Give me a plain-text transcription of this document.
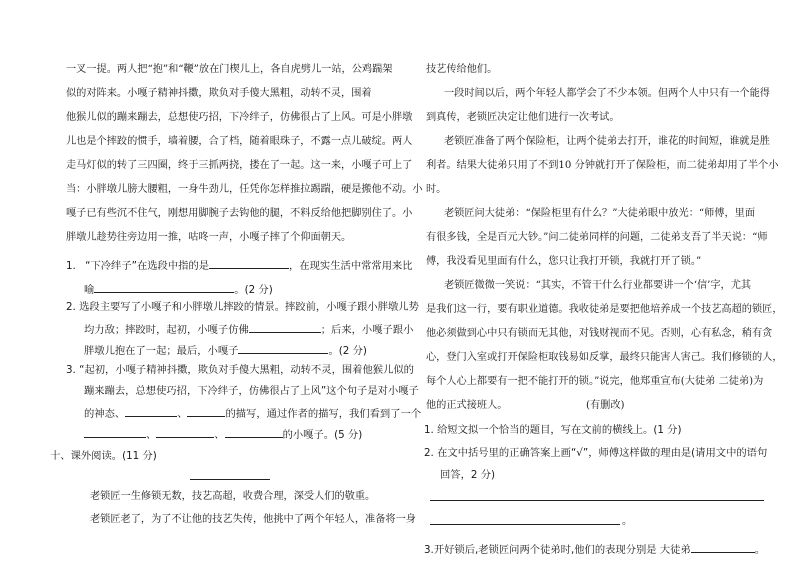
一叉一提。两人把“抱”和“鞭”放在门楔儿上，各自虎劈儿一站，公鸡踹架
似的对阵来。小嘎子精神抖擞，欺负对手傻大黑粗，动转不灵，围着
他猴儿似的蹦来蹦去，总想使巧招，下冷绊子，仿佛很占了上风。可是小胖墩
儿也是个摔跤的惯手，墙着腰，合了档，随着眼珠子，不露一点儿破绽。两人
走马灯似的转了三四圈，终于三抓两挠，搂在了一起。这一来，小嘎子可上了
当：小胖墩儿膀大腰粗，一身牛劲儿，任凭你怎样推拉踢踹，硬是搬他不动。小
嘎子已有些沉不住气，刚想用脚腕子去钩他的腿，不料反给他把脚别住了。小
胖墩儿趁势往旁边用一推，咕咚一声，小嘎子摔了个仰面朝天。
1. “下冷绊子”在选段中指的是	，在现实生活中常常用来比
喻	。(2 分)
2. 选段主要写了小嘎子和小胖墩儿摔跤的情景。摔跤前，小嘎子跟小胖墩儿势
均力敌；摔跤时，起初，小嘎子仿佛	；后来，小嘎子跟小
胖墩儿抱在了一起；最后，小嘎子	。(2 分)
3. “起初，小嘎子精神抖擞，欺负对手傻大黑粗，动转不灵，围着他猴儿似的
蹦来蹦去，总想使巧招，下冷绊子，仿佛很占了上风”这个句子是对小嘎子
的神态、	、	的描写，通过作者的描写，我们看到了一个
、	、	的小嘎子。(5 分)
十、课外阅读。(11 分)
老锁匠一生修锁无数，技艺高超，收费合理，深受人们的敬重。
老锁匠老了，为了不让他的技艺失传，他挑中了两个年轻人，准备将一身
技艺传给他们。
一段时间以后，两个年轻人都学会了不少本领。但两个人中只有一个能得
到真传，老锁匠决定让他们进行一次考试。
老锁匠准备了两个保险柜，让两个徒弟去打开，谁花的时间短，谁就是胜
利者。结果大徒弟只用了不到10 分钟就打开了保险柜，而二徒弟却用了半个小
时。
老锁匠问大徒弟：“保险柜里有什么？”大徒弟眼中放光：“师傅，里面
有很多钱，全是百元大钞。”问二徒弟同样的问题，二徒弟支吾了半天说：“师
傅，我没看见里面有什么，您只让我打开锁，我就打开了锁。”
老锁匠微微一笑说：“其实，不管干什么行业都要讲一个‘信’字，尤其
是我们这一行，要有职业道德。我收徒弟是要把他培养成一个技艺高超的锁匠，
他必须做到心中只有锁而无其他，对钱财视而不见。否则，心有私念，稍有贪
心，登门入室或打开保险柜取钱易如反掌，最终只能害人害己。我们修锁的人，
每个人心上都要有一把不能打开的锁。”说完，他郑重宣布(大徒弟 二徒弟)为
他的正式接班人。	(有删改)
1. 给短文拟一个恰当的题目，写在文前的横线上。(1 分)
2. 在文中括号里的正确答案上画“√”，师傅这样做的理由是(请用文中的语句
回答，2 分)
。
3.开好锁后,老锁匠问两个徒弟时,他们的表现分别是 大徒弟	。
